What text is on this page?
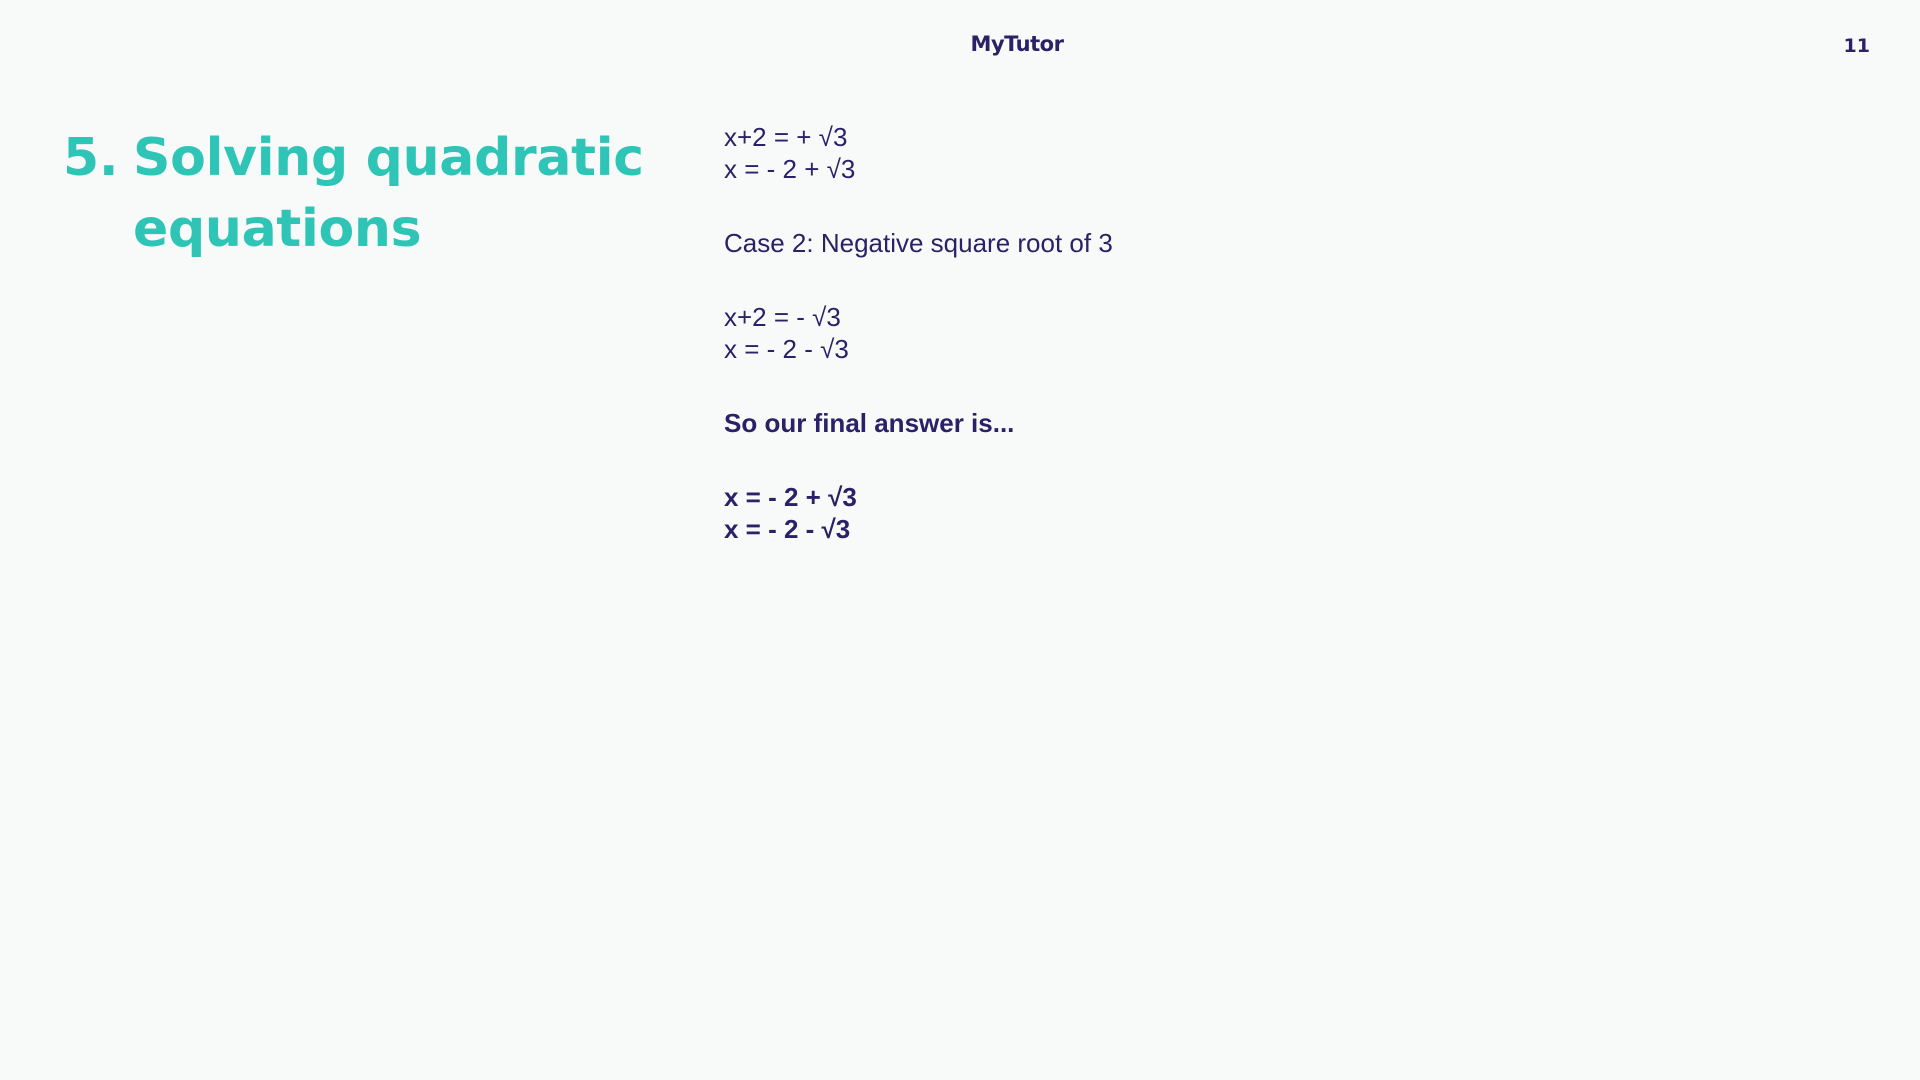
MyTutor	11
5. Solving quadratic equations
x+2 = + √3
x = - 2 + √3
Case 2: Negative square root of 3
x+2 = - √3
x = - 2 - √3
So our final answer is...
x = - 2 + √3
x = - 2 - √3
